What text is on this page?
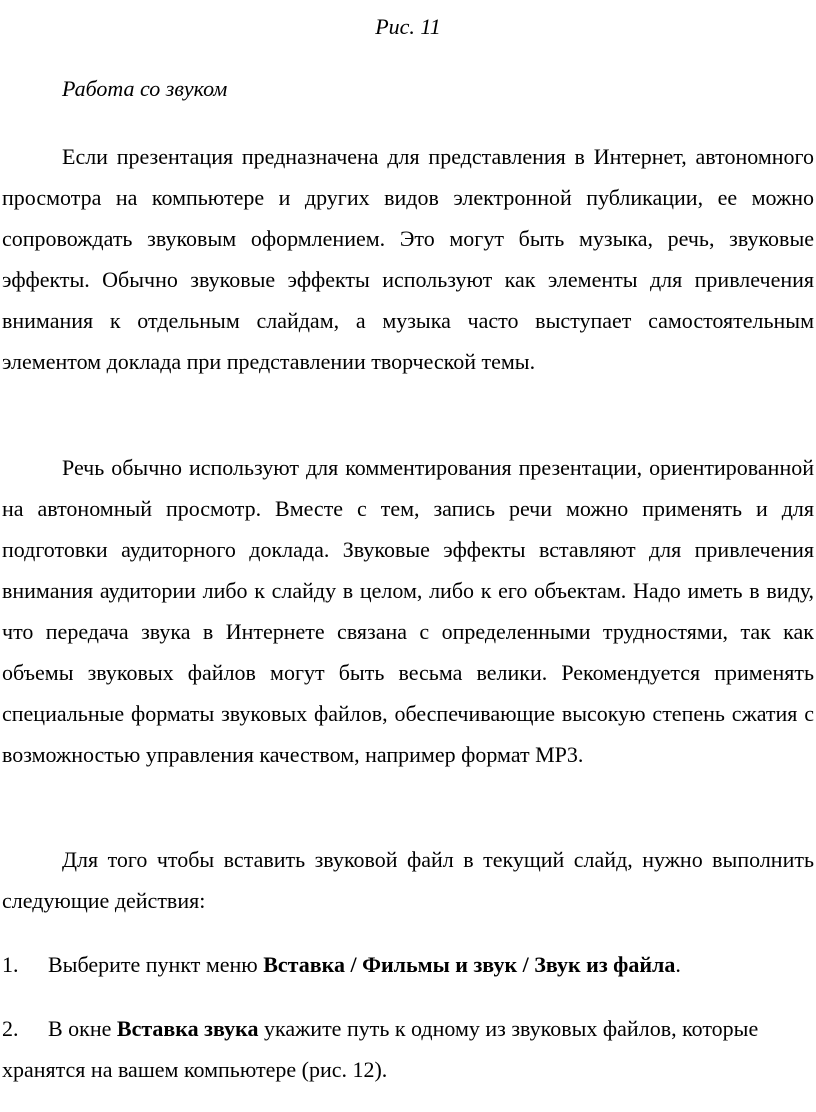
Рис. 11
Работа со звуком

Если презентация предназначена для представления в Интернет, автономного просмотра на компьютере и других видов электронной публикации, ее можно сопровождать звуковым оформлением. Это могут быть музыка, речь, звуковые эффекты. Обычно звуковые эффекты используют как элементы для привлечения внимания к отдельным слайдам, а музыка часто выступает самостоятельным элементом доклада при представлении творческой темы.

Речь обычно используют для комментирования презентации, ориентированной на автономный просмотр. Вместе с тем, запись речи можно применять и для подготовки аудиторного доклада. Звуковые эффекты вставляют для привлечения внимания аудитории либо к слайду в целом, либо к его объектам. Надо иметь в виду, что передача звука в Интернете связана с определенными трудностями, так как объемы звуковых файлов могут быть весьма велики. Рекомендуется применять специальные форматы звуковых файлов, обеспечивающие высокую степень сжатия с возможностью управления качеством, например формат МР3.

Для того чтобы вставить звуковой файл в текущий слайд, нужно выполнить следующие действия:

1. Выберите пункт меню Вставка / Фильмы и звук / Звук из файла.

2. В окне Вставка звука укажите путь к одному из звуковых файлов, которые хранятся на вашем компьютере (рис. 12).
